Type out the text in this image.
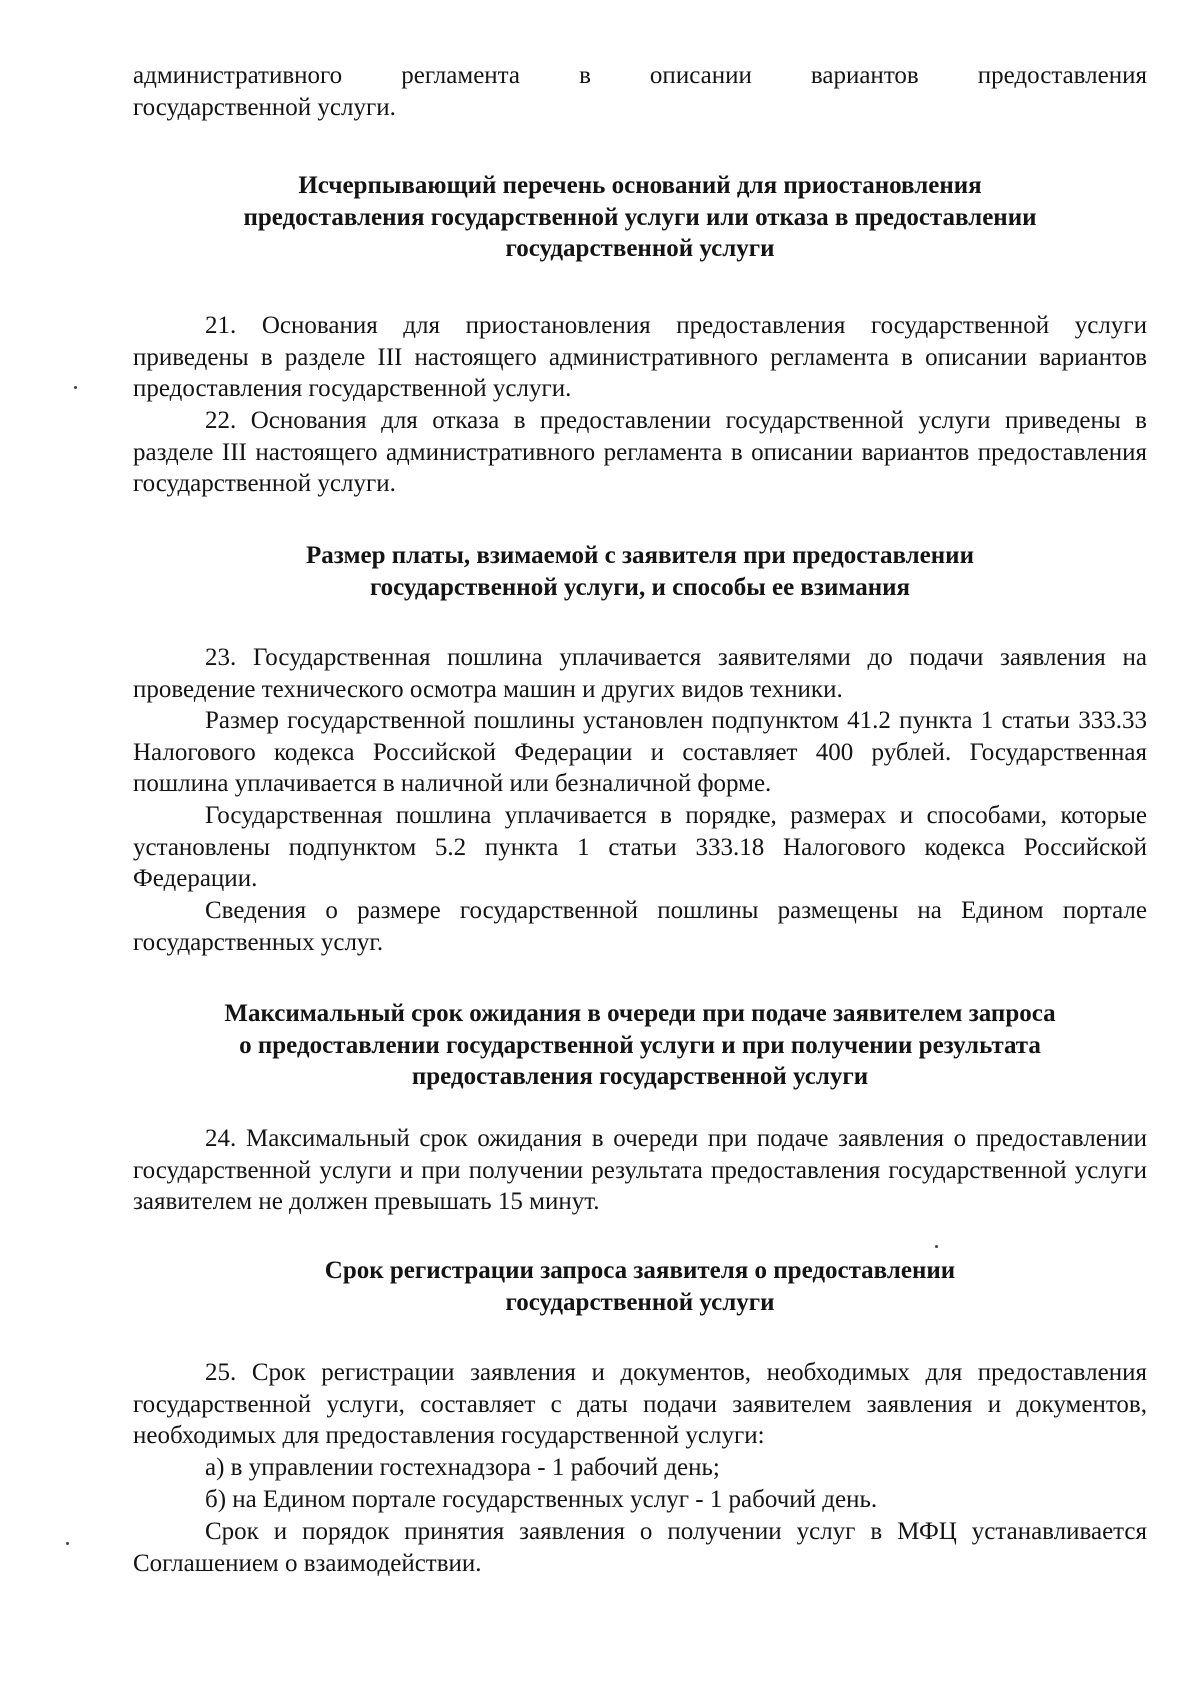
административного регламента в описании вариантов предоставления
государственной услуги.

Исчерпывающий перечень оснований для приостановления
предоставления государственной услуги или отказа в предоставлении
государственной услуги

21. Основания для приостановления предоставления государственной услуги приведены в разделе III настоящего административного регламента в описании вариантов предоставления государственной услуги.

22. Основания для отказа в предоставлении государственной услуги приведены в разделе III настоящего административного регламента в описании вариантов предоставления государственной услуги.

Размер платы, взимаемой с заявителя при предоставлении
государственной услуги, и способы ее взимания

23. Государственная пошлина уплачивается заявителями до подачи заявления на проведение технического осмотра машин и других видов техники.

Размер государственной пошлины установлен подпунктом 41.2 пункта 1 статьи 333.33 Налогового кодекса Российской Федерации и составляет 400 рублей. Государственная пошлина уплачивается в наличной или безналичной форме.

Государственная пошлина уплачивается в порядке, размерах и способами, которые установлены подпунктом 5.2 пункта 1 статьи 333.18 Налогового кодекса Российской Федерации.

Сведения о размере государственной пошлины размещены на Едином портале государственных услуг.

Максимальный срок ожидания в очереди при подаче заявителем запроса
о предоставлении государственной услуги и при получении результата
предоставления государственной услуги

24. Максимальный срок ожидания в очереди при подаче заявления о предоставлении государственной услуги и при получении результата предоставления государственной услуги заявителем не должен превышать 15 минут.

Срок регистрации запроса заявителя о предоставлении
государственной услуги

25. Срок регистрации заявления и документов, необходимых для предоставления государственной услуги, составляет с даты подачи заявителем заявления и документов, необходимых для предоставления государственной услуги:

а) в управлении гостехнадзора - 1 рабочий день;

б) на Едином портале государственных услуг - 1 рабочий день.

Срок и порядок принятия заявления о получении услуг в МФЦ устанавливается Соглашением о взаимодействии.
